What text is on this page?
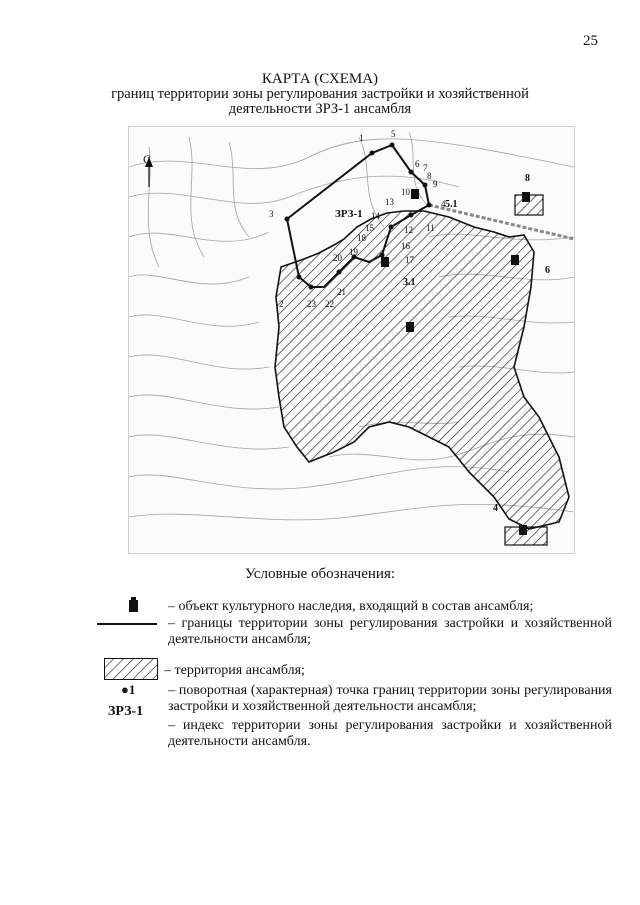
25
КАРТА (СХЕМА)
границ территории зоны регулирования застройки и хозяйственной
деятельности ЗРЗ-1 ансамбля
С
ЗРЗ-1
1	5
3
6 7
8
9
10
11
12
13
14
15
16
17
18
19
20
21
22
23
4
2
5.1
8
6
3.1
4
Условные обозначения:
– объект культурного наследия, входящий в состав ансамбля;
– границы территории зоны регулирования застройки и хозяйственной деятельности ансамбля;
– территория ансамбля;
●1 – поворотная (характерная) точка границ территории зоны регулирования застройки и хозяйственной деятельности ансамбля;
ЗРЗ-1
– индекс территории зоны регулирования застройки и хозяйственной деятельности ансамбля.
